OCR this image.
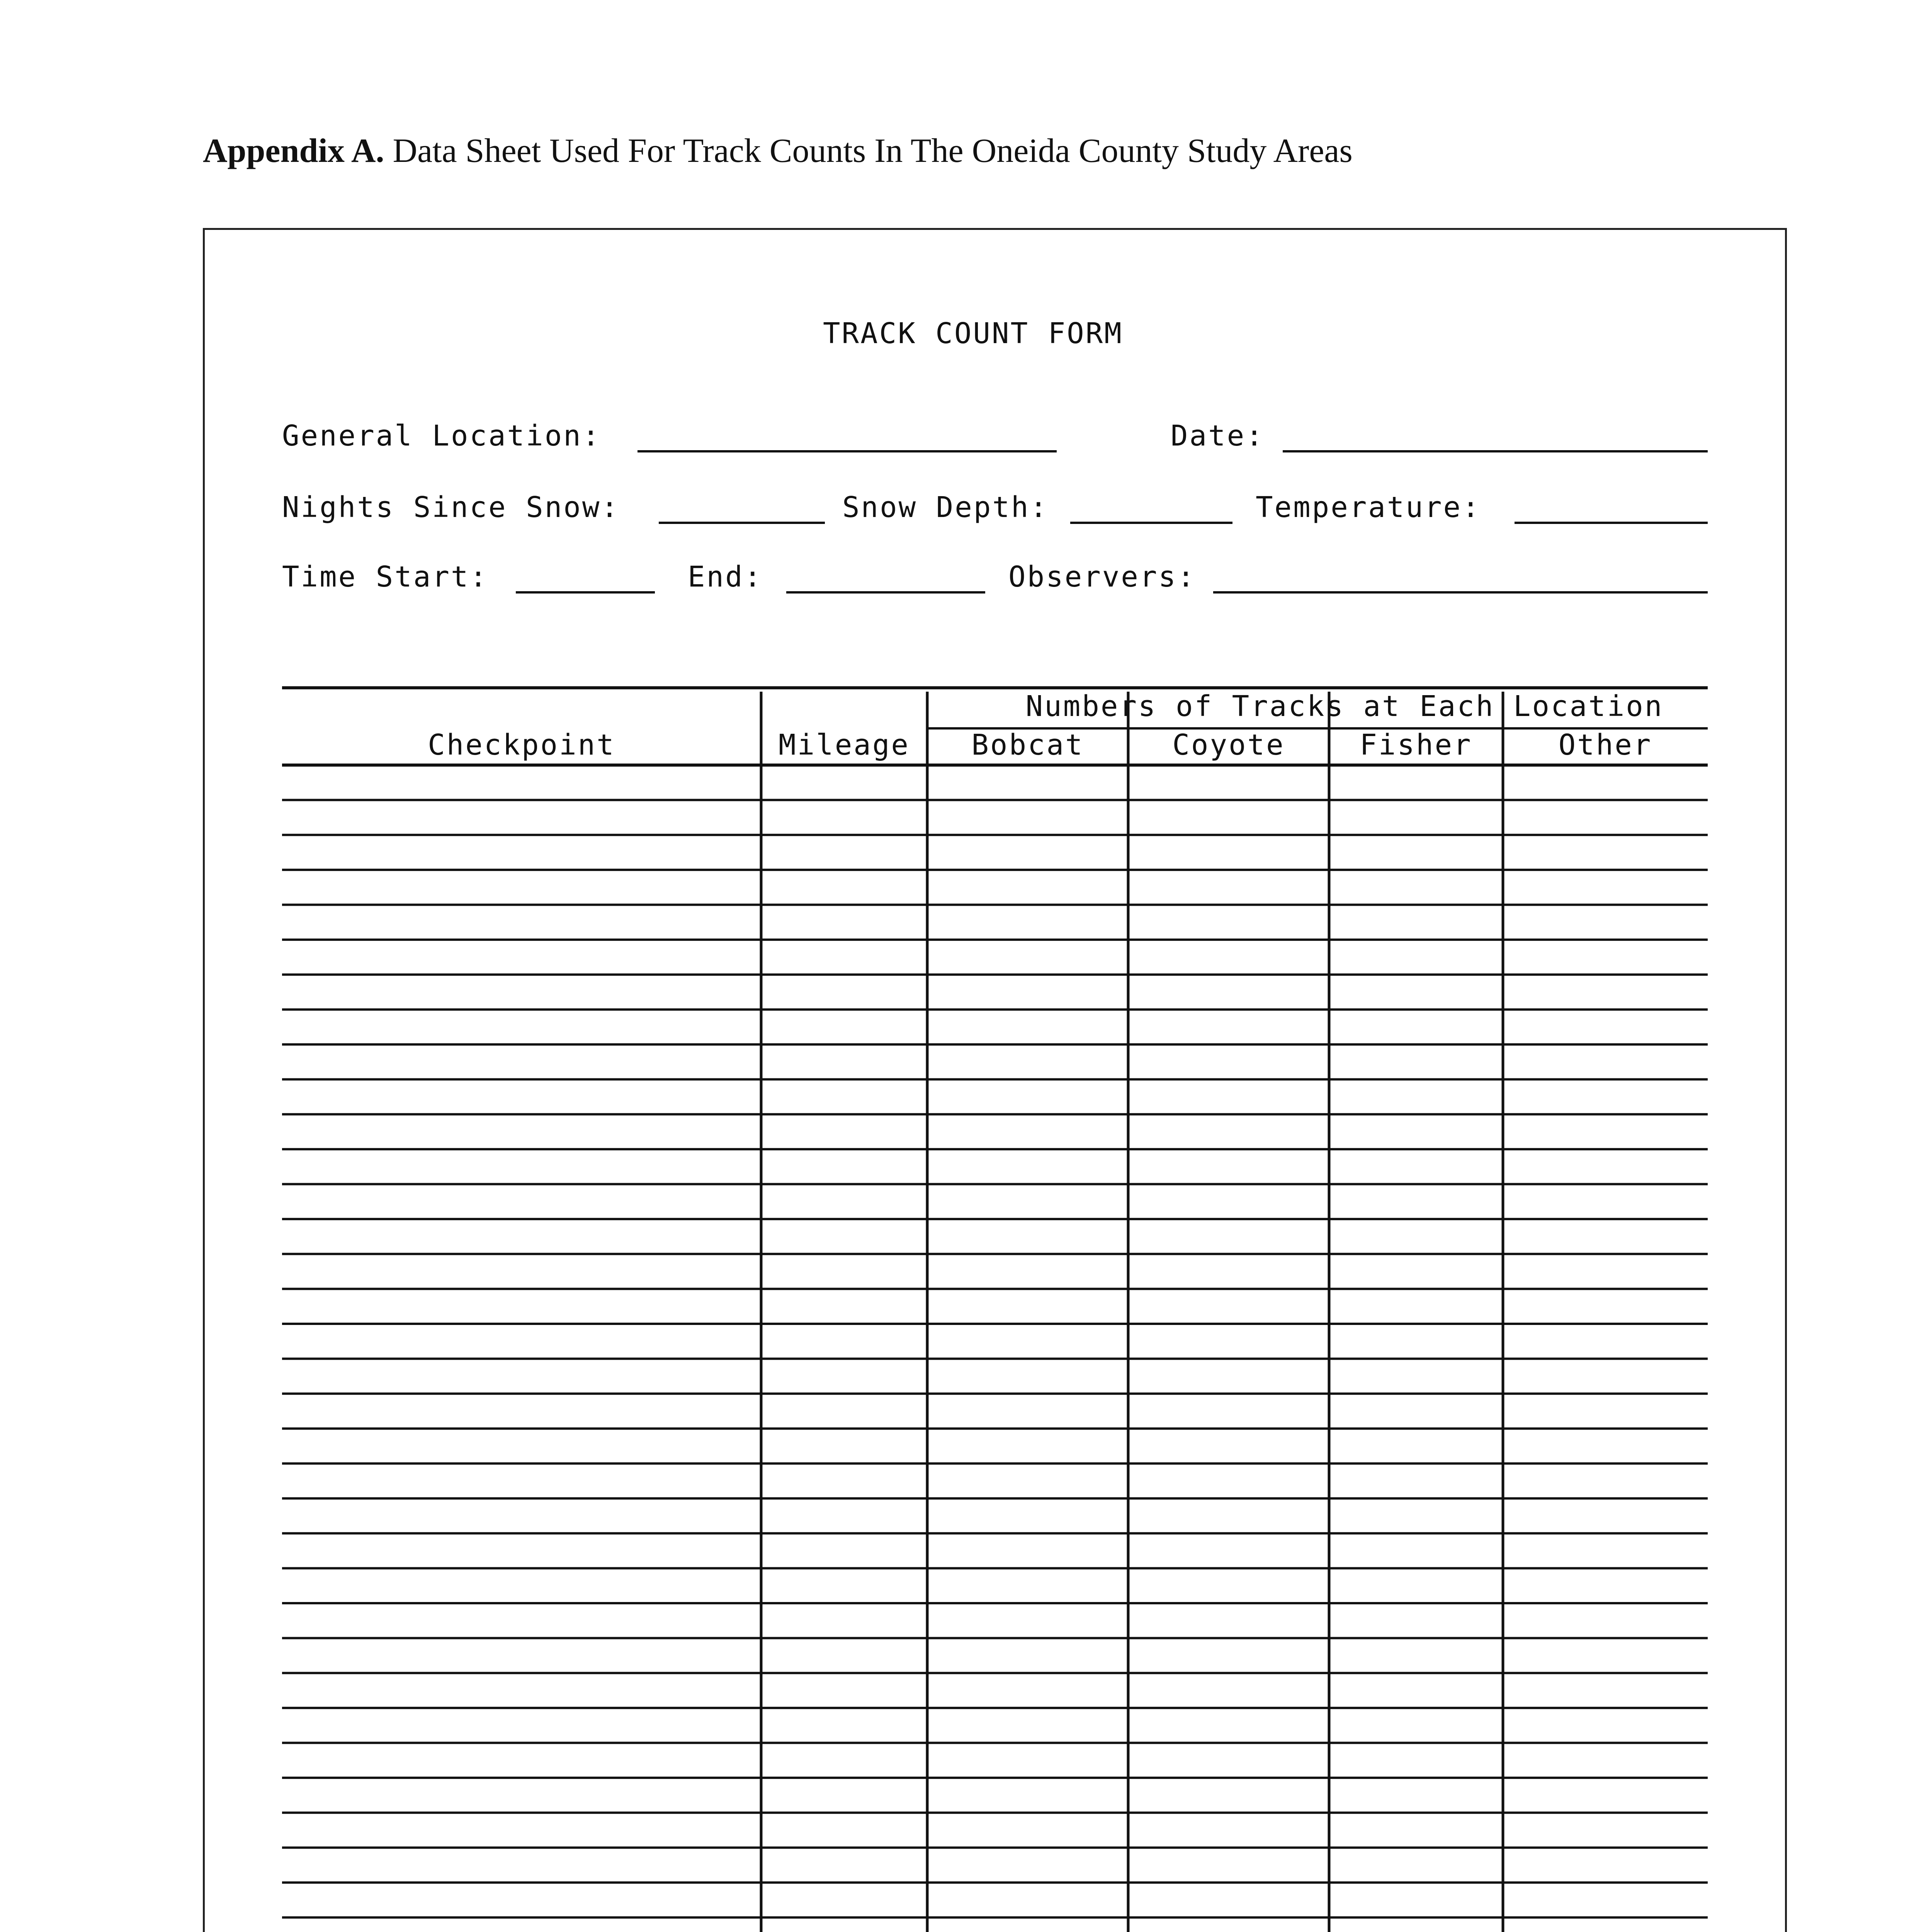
Appendix A. Data Sheet Used For Track Counts In The Oneida County Study Areas
TRACK COUNT FORM
General Location:	Date:
Nights Since Snow:	Snow Depth:	Temperature:
Time Start:	End:	Observers:
Numbers of Tracks at Each Location
Checkpoint	Mileage	Bobcat	Coyote	Fisher	Other
